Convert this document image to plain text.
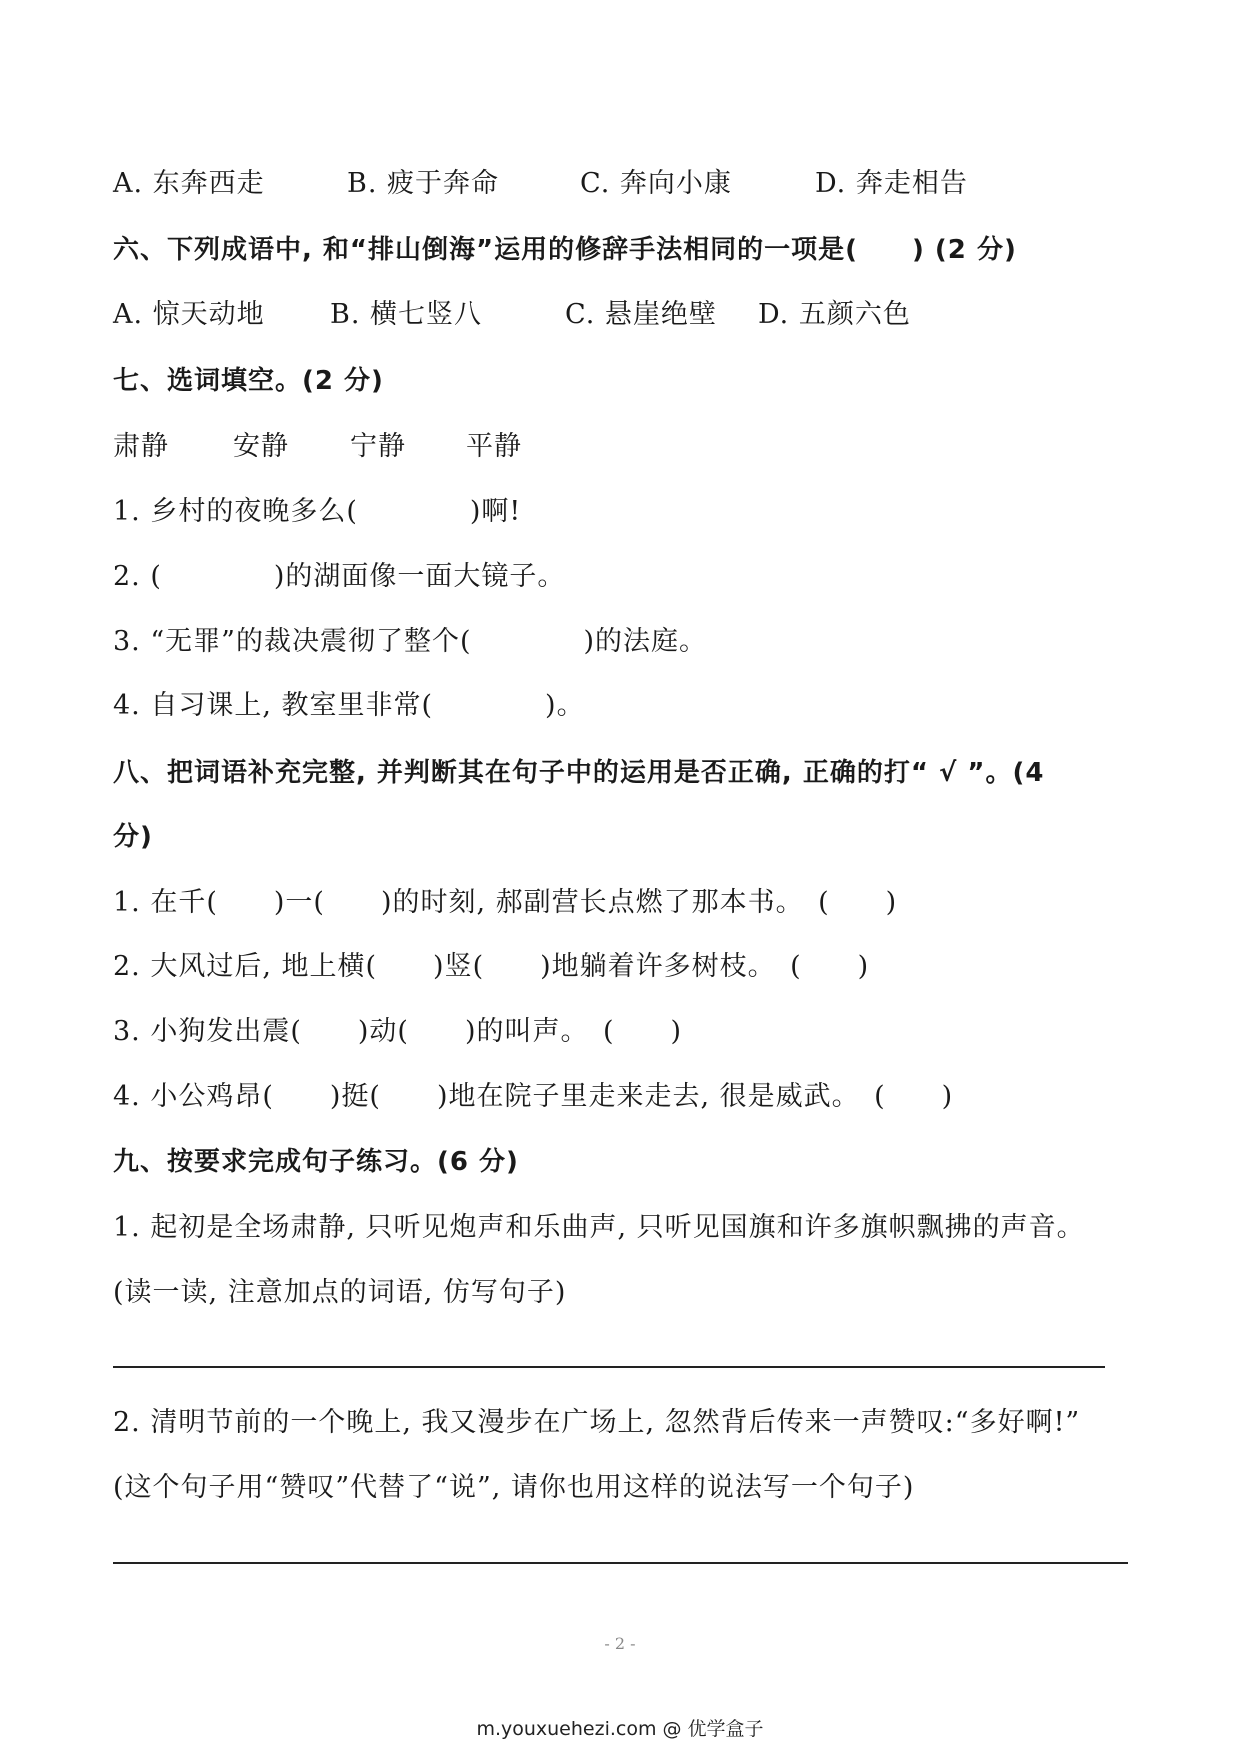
A. 东奔西走	B. 疲于奔命	C. 奔向小康	D. 奔走相告
六、下列成语中, 和“排山倒海”运用的修辞手法相同的一项是(　　) (2 分)
A. 惊天动地 B. 横七竖八	C. 悬崖绝壁 D. 五颜六色
七、选词填空。(2 分)
肃静 安静 宁静 平静
1. 乡村的夜晚多么(　　　　)啊!
2. (　　　　)的湖面像一面大镜子。
3. “无罪”的裁决震彻了整个(　　　　)的法庭。
4. 自习课上, 教室里非常(　　　　)。
八、把词语补充完整, 并判断其在句子中的运用是否正确, 正确的打“ √ ”。(4
分)
1. 在千(　　)一(　　)的时刻, 郝副营长点燃了那本书。　(　　)
2. 大风过后, 地上横(　　)竖(　　)地躺着许多树枝。　(　　)
3. 小狗发出震(　　)动(　　)的叫声。　(　　)
4. 小公鸡昂(　　)挺(　　)地在院子里走来走去, 很是威武。　(　　)
九、按要求完成句子练习。(6 分)
1. 起初是全场肃静, 只听见炮声和乐曲声, 只听见国旗和许多旗帜飘拂的声音。
(读一读, 注意加点的词语, 仿写句子)
2. 清明节前的一个晚上, 我又漫步在广场上, 忽然背后传来一声赞叹:“多好啊!”
(这个句子用“赞叹”代替了“说”, 请你也用这样的说法写一个句子)
- 2 -
m.youxuehezi.com @ 优学盒子
